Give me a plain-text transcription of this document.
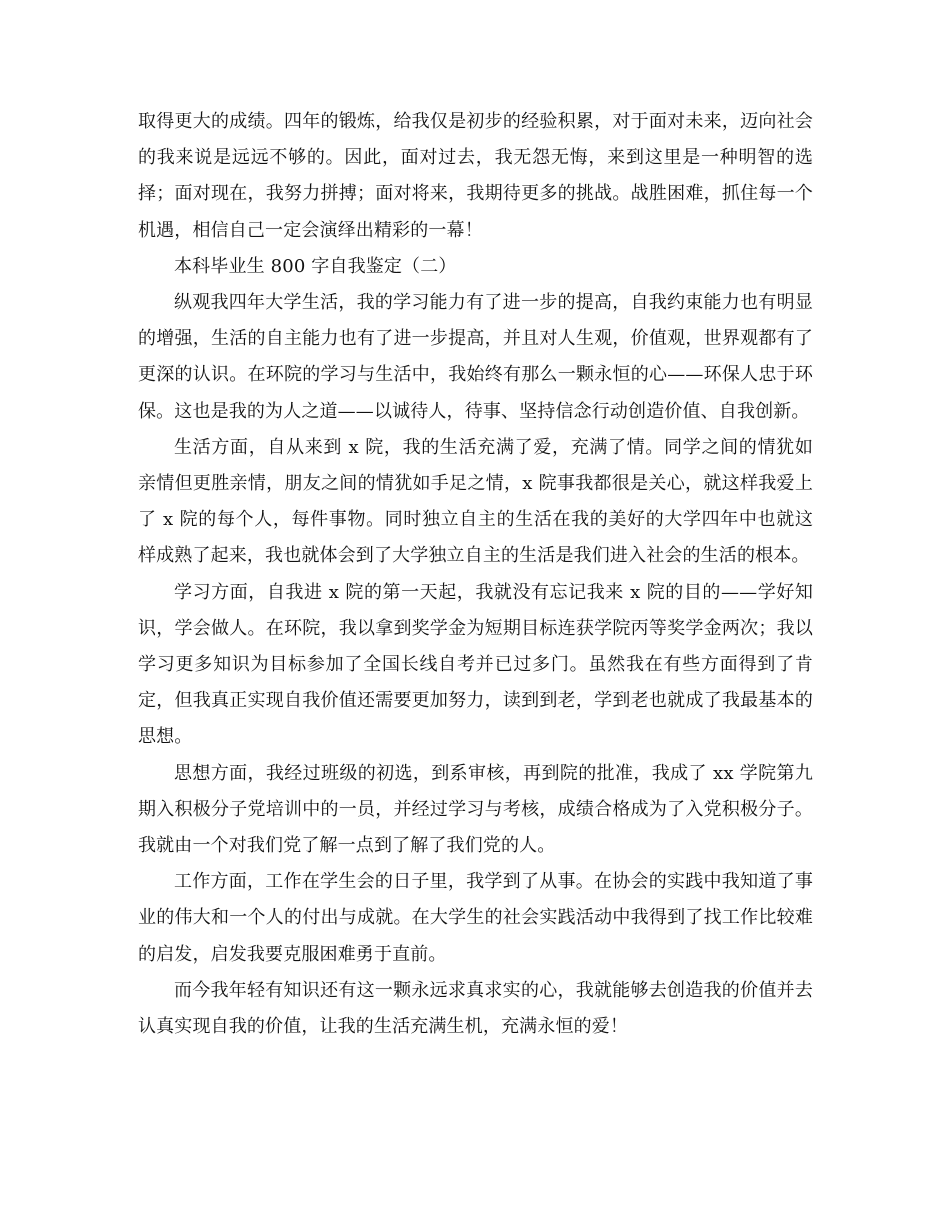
取得更大的成绩。四年的锻炼，给我仅是初步的经验积累，对于面对未来，迈向社会的我来说是远远不够的。因此，面对过去，我无怨无悔，来到这里是一种明智的选择；面对现在，我努力拼搏；面对将来，我期待更多的挑战。战胜困难，抓住每一个机遇，相信自己一定会演绎出精彩的一幕！

本科毕业生 800 字自我鉴定（二）

纵观我四年大学生活，我的学习能力有了进一步的提高，自我约束能力也有明显的增强，生活的自主能力也有了进一步提高，并且对人生观，价值观，世界观都有了更深的认识。在环院的学习与生活中，我始终有那么一颗永恒的心——环保人忠于环保。这也是我的为人之道——以诚待人，待事、坚持信念行动创造价值、自我创新。

生活方面，自从来到 x 院，我的生活充满了爱，充满了情。同学之间的情犹如亲情但更胜亲情，朋友之间的情犹如手足之情，x 院事我都很是关心，就这样我爱上了 x 院的每个人，每件事物。同时独立自主的生活在我的美好的大学四年中也就这样成熟了起来，我也就体会到了大学独立自主的生活是我们进入社会的生活的根本。

学习方面，自我进 x 院的第一天起，我就没有忘记我来 x 院的目的——学好知识，学会做人。在环院，我以拿到奖学金为短期目标连获学院丙等奖学金两次；我以学习更多知识为目标参加了全国长线自考并已过多门。虽然我在有些方面得到了肯定，但我真正实现自我价值还需要更加努力，读到到老，学到老也就成了我最基本的思想。

思想方面，我经过班级的初选，到系审核，再到院的批准，我成了 xx 学院第九期入积极分子党培训中的一员，并经过学习与考核，成绩合格成为了入党积极分子。我就由一个对我们党了解一点到了解了我们党的人。

工作方面，工作在学生会的日子里，我学到了从事。在协会的实践中我知道了事业的伟大和一个人的付出与成就。在大学生的社会实践活动中我得到了找工作比较难的启发，启发我要克服困难勇于直前。

而今我年轻有知识还有这一颗永远求真求实的心，我就能够去创造我的价值并去认真实现自我的价值，让我的生活充满生机，充满永恒的爱！
